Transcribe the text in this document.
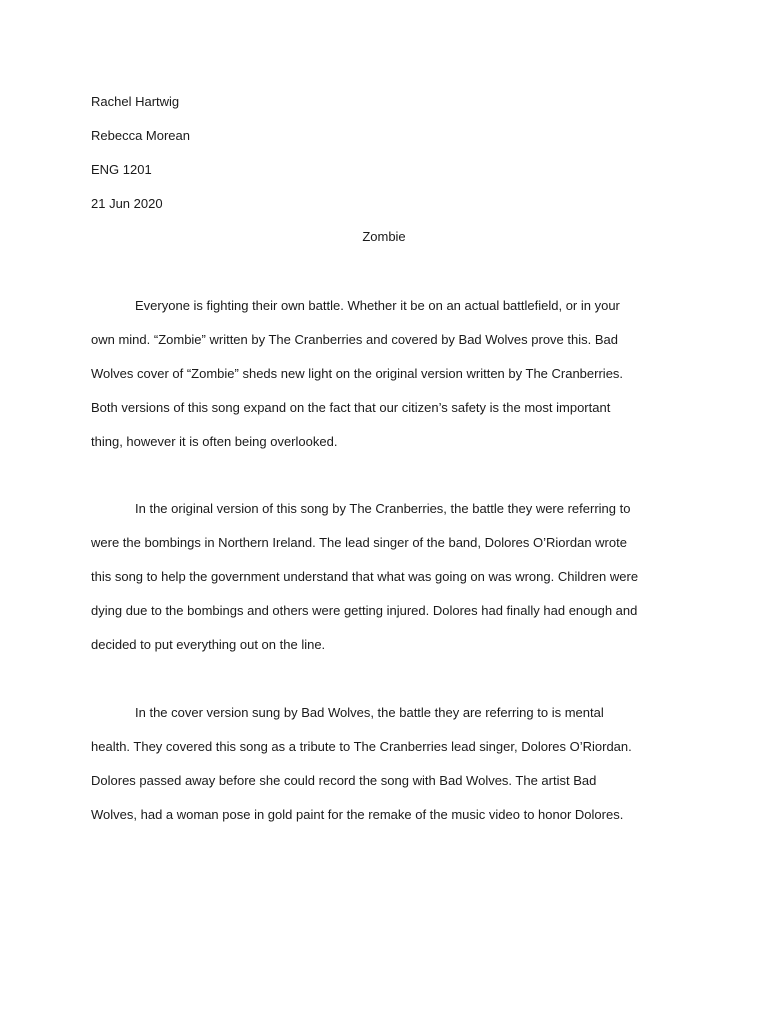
Rachel Hartwig

Rebecca Morean

ENG 1201

21 Jun 2020

Zombie

Everyone is fighting their own battle. Whether it be on an actual battlefield, or in your
own mind. “Zombie” written by The Cranberries and covered by Bad Wolves prove this. Bad
Wolves cover of “Zombie” sheds new light on the original version written by The Cranberries.
Both versions of this song expand on the fact that our citizen’s safety is the most important
thing, however it is often being overlooked.
In the original version of this song by The Cranberries, the battle they were referring to
were the bombings in Northern Ireland. The lead singer of the band, Dolores O’Riordan wrote
this song to help the government understand that what was going on was wrong. Children were
dying due to the bombings and others were getting injured. Dolores had finally had enough and
decided to put everything out on the line.
In the cover version sung by Bad Wolves, the battle they are referring to is mental
health. They covered this song as a tribute to The Cranberries lead singer, Dolores O’Riordan.
Dolores passed away before she could record the song with Bad Wolves. The artist Bad
Wolves, had a woman pose in gold paint for the remake of the music video to honor Dolores.
